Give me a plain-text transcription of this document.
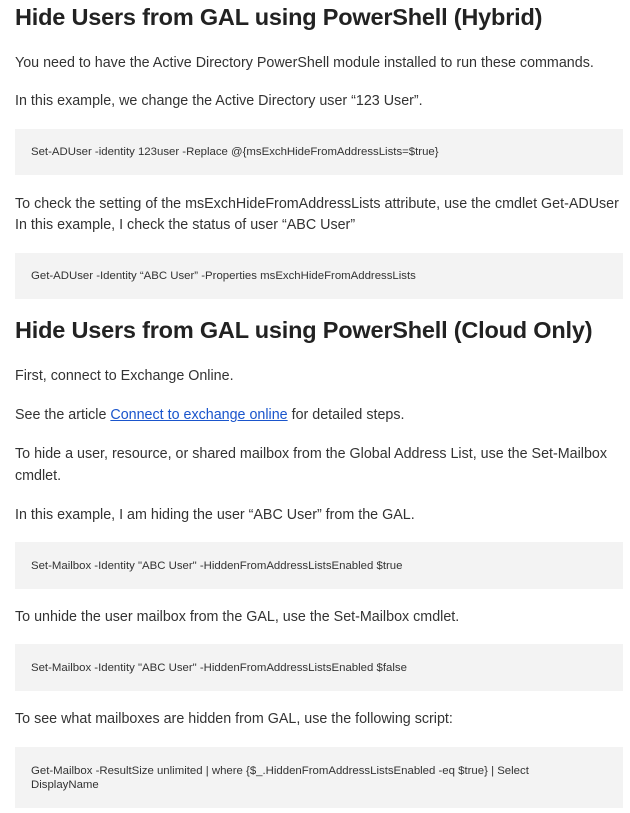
Hide Users from GAL using PowerShell (Hybrid)

You need to have the Active Directory PowerShell module installed to run these commands.

In this example, we change the Active Directory user “123 User”.

Set-ADUser -identity 123user -Replace @{msExchHideFromAddressLists=$true}

To check the setting of the msExchHideFromAddressLists attribute, use the cmdlet Get-ADUser

In this example, I check the status of user “ABC User”

Get-ADUser -Identity “ABC User” -Properties msExchHideFromAddressLists
Hide Users from GAL using PowerShell (Cloud Only)

First, connect to Exchange Online.

See the article Connect to exchange online for detailed steps.

To hide a user, resource, or shared mailbox from the Global Address List, use the Set-Mailbox cmdlet.

In this example, I am hiding the user “ABC User” from the GAL.

Set-Mailbox -Identity "ABC User" -HiddenFromAddressListsEnabled $true

To unhide the user mailbox from the GAL, use the Set-Mailbox cmdlet.

Set-Mailbox -Identity "ABC User" -HiddenFromAddressListsEnabled $false

To see what mailboxes are hidden from GAL, use the following script:

Get-Mailbox -ResultSize unlimited | where {$_.HiddenFromAddressListsEnabled -eq $true} | Select DisplayName
